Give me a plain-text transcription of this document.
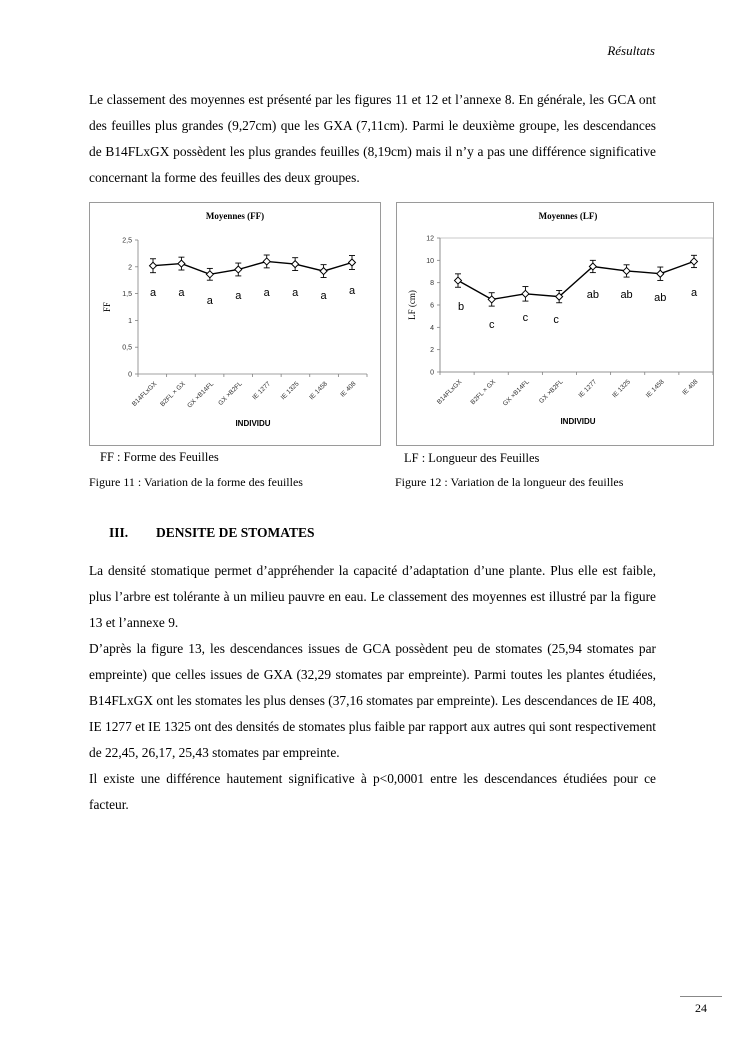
Résultats

Le classement des moyennes est présenté par les figures 11 et 12 et l’annexe 8. En générale, les GCA ont des feuilles plus grandes (9,27cm) que les GXA (7,11cm). Parmi le deuxième groupe, les descendances de B14FLxGX possèdent les plus grandes feuilles (8,19cm) mais il n’y a pas une différence significative concernant la forme des feuilles des deux groupes.

Moyennes (FF)
0
0,5
1
1,5
2
2,5
B14FLxGX B2FL × GX GX ×B14FL GX ×B2FL IE 1277 IE 1325 IE 1458 IE 408
a a
a a a a a a
INDIVIDU
FF
Moyennes (LF)
0
2
4
6
8
10
12
B14FLxGX B2FL × GX GX ×B14FL GX ×B2FL IE 1277 IE 1325 IE 1458 IE 408
b
c
c c
ab ab ab a
INDIVIDU
LF (cm)
FF : Forme des Feuilles	LF : Longueur des Feuilles
Figure 11 : Variation de la forme des feuilles	Figure 12 : Variation de la longueur des feuilles
III. DENSITE DE STOMATES

La densité stomatique permet d’appréhender la capacité d’adaptation d’une plante. Plus elle est faible, plus l’arbre est tolérante à un milieu pauvre en eau. Le classement des moyennes est illustré par la figure 13 et l’annexe 9.

D’après la figure 13, les descendances issues de GCA possèdent peu de stomates (25,94 stomates par empreinte) que celles issues de GXA (32,29 stomates par empreinte). Parmi toutes les plantes étudiées, B14FLxGX ont les stomates les plus denses (37,16 stomates par empreinte). Les descendances de IE 408, IE 1277 et IE 1325 ont des densités de stomates plus faible par rapport aux autres qui sont respectivement de 22,45, 26,17, 25,43 stomates par empreinte.

Il existe une différence hautement significative à p<0,0001 entre les descendances étudiées pour ce facteur.

24
